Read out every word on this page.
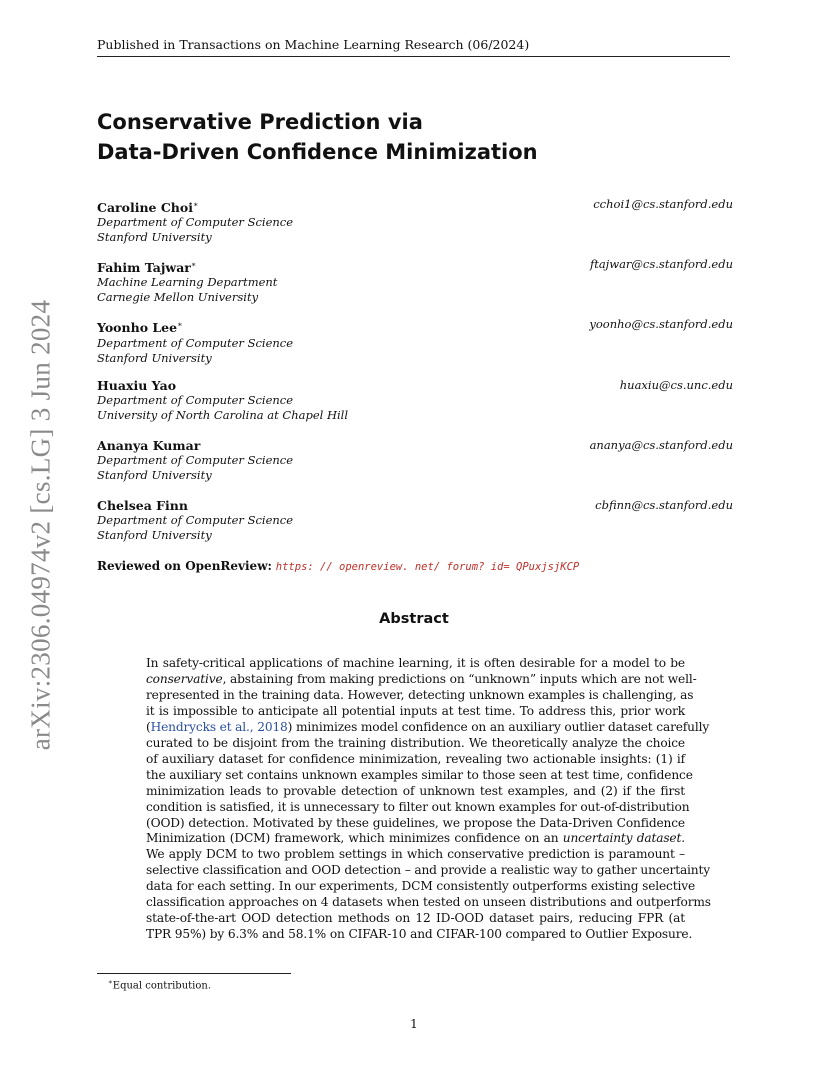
Published in Transactions on Machine Learning Research (06/2024)
Conservative Prediction via
Data-Driven Confidence Minimization
Caroline Choi∗
Department of Computer Science
Stanford University
cchoi1@cs.stanford.edu
Fahim Tajwar∗
Machine Learning Department
Carnegie Mellon University
ftajwar@cs.stanford.edu
Yoonho Lee∗
Department of Computer Science
Stanford University
yoonho@cs.stanford.edu
Huaxiu Yao
Department of Computer Science
University of North Carolina at Chapel Hill
huaxiu@cs.unc.edu
Ananya Kumar
Department of Computer Science
Stanford University
ananya@cs.stanford.edu
Chelsea Finn
Department of Computer Science
Stanford University
cbfinn@cs.stanford.edu
Reviewed on OpenReview: https: // openreview. net/ forum? id= QPuxjsjKCP
Abstract
In safety-critical applications of machine learning, it is often desirable for a model to be
conservative, abstaining from making predictions on “unknown” inputs which are not well-
represented in the training data. However, detecting unknown examples is challenging, as
it is impossible to anticipate all potential inputs at test time. To address this, prior work
(Hendrycks et al., 2018) minimizes model confidence on an auxiliary outlier dataset carefully
curated to be disjoint from the training distribution. We theoretically analyze the choice
of auxiliary dataset for confidence minimization, revealing two actionable insights: (1) if
the auxiliary set contains unknown examples similar to those seen at test time, confidence
minimization leads to provable detection of unknown test examples, and (2) if the first
condition is satisfied, it is unnecessary to filter out known examples for out-of-distribution
(OOD) detection. Motivated by these guidelines, we propose the Data-Driven Confidence
Minimization (DCM) framework, which minimizes confidence on an uncertainty dataset.
We apply DCM to two problem settings in which conservative prediction is paramount –
selective classification and OOD detection – and provide a realistic way to gather uncertainty
data for each setting. In our experiments, DCM consistently outperforms existing selective
classification approaches on 4 datasets when tested on unseen distributions and outperforms
state-of-the-art OOD detection methods on 12 ID-OOD dataset pairs, reducing FPR (at
TPR 95%) by 6.3% and 58.1% on CIFAR-10 and CIFAR-100 compared to Outlier Exposure.
∗Equal contribution.
1
arXiv:2306.04974v2 [cs.LG] 3 Jun 2024
